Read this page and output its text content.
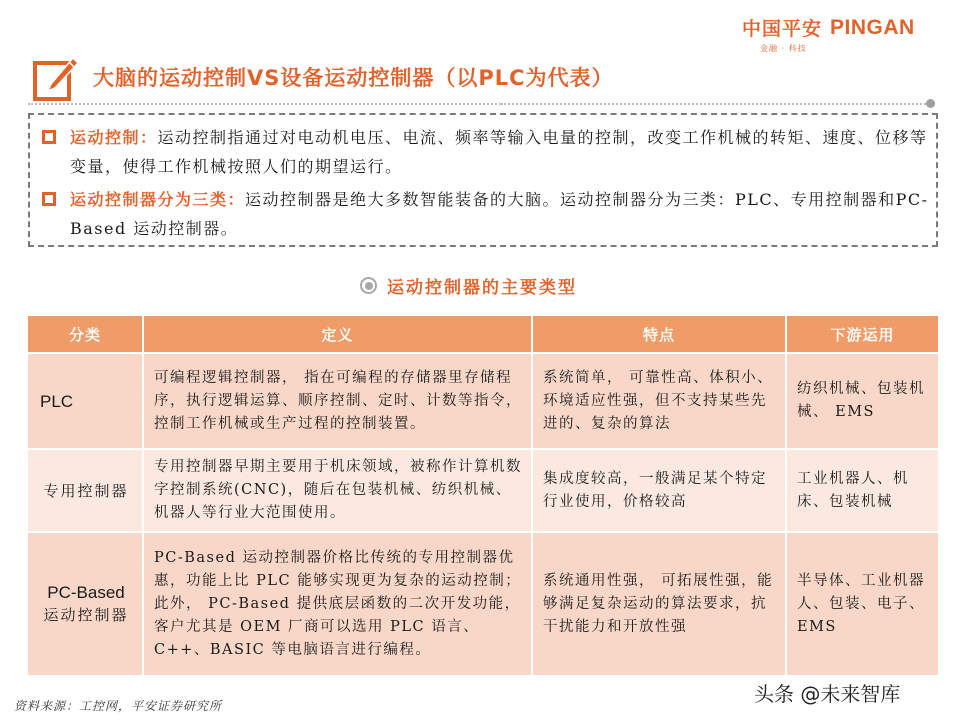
中国平安 PINGAN
金融 · 科技
大脑的运动控制VS设备运动控制器（以PLC为代表）
运动控制：运动控制指通过对电动机电压、电流、频率等输入电量的控制，改变工作机械的转矩、速度、位移等变量，使得工作机械按照人们的期望运行。
运动控制器分为三类：运动控制器是绝大多数智能装备的大脑。运动控制器分为三类：PLC、专用控制器和PC-Based 运动控制器。
运动控制器的主要类型
分类	定义	特点	下游运用
PLC	可编程逻辑控制器， 指在可编程的存储器里存储程序，执行逻辑运算、顺序控制、定时、计数等指令，控制工作机械或生产过程的控制装置。	系统简单， 可靠性高、体积小、环境适应性强，但不支持某些先进的、复杂的算法	纺织机械、包装机械、 EMS
专用控制器	专用控制器早期主要用于机床领域，被称作计算机数字控制系统(CNC)，随后在包装机械、纺织机械、机器人等行业大范围使用。	集成度较高，一般满足某个特定行业使用，价格较高	工业机器人、机床、包装机械

PC-Based
运动控制器	PC-Based 运动控制器价格比传统的专用控制器优惠，功能上比 PLC 能够实现更为复杂的运动控制；此外， PC-Based 提供底层函数的二次开发功能，客户尤其是 OEM 厂商可以选用 PLC 语言、 C++、BASIC 等电脑语言进行编程。	系统通用性强， 可拓展性强，能够满足复杂运动的算法要求，抗干扰能力和开放性强	半导体、工业机器人、包装、电子、EMS
资料来源：工控网，平安证券研究所	头条 @未来智库
